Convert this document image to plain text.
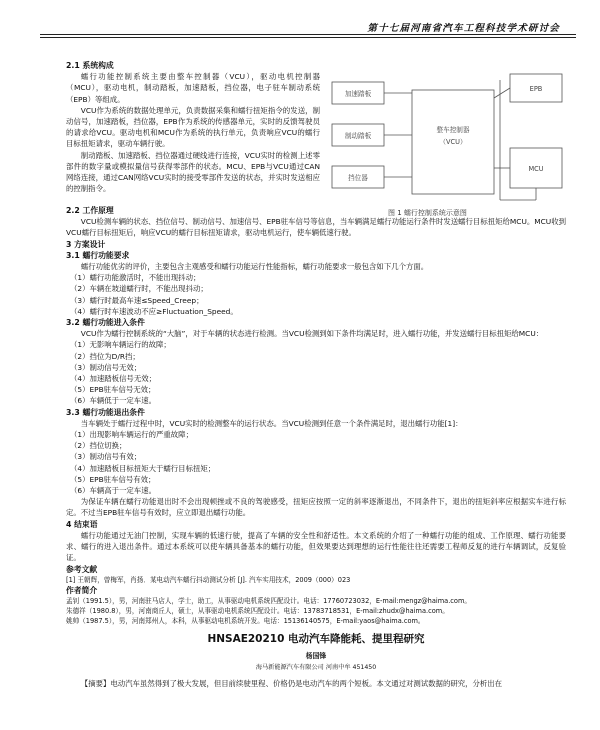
第十七届河南省汽车工程科技学术研讨会

2.1 系统构成

蠕行功能控制系统主要由整车控制器（VCU），驱动电机控制器（MCU），驱动电机，制动踏板，加速踏板，挡位器，电子驻车制动系统（EPB）等组成。

VCU作为系统的数据处理单元，负责数据采集和蠕行扭矩指令的发送，制动信号，加速踏板，挡位器，EPB作为系统的传感器单元，实时的反馈驾驶员的请求给VCU。驱动电机和MCU作为系统的执行单元，负责响应VCU的蠕行目标扭矩请求，驱动车辆行驶。

制动踏板、加速踏板、挡位器通过硬线进行连接，VCU实时的检测上述零部件的数字量或模拟量信号获得零部件的状态。MCU、EPB与VCU通过CAN网络连接，通过CAN网络VCU实时的接受零部件发送的状态，并实时发送相应的控制指令。

加速踏板
制动踏板
挡位器
整车控制器
（VCU）
EPB
MCU
图 1 蠕行控制系统示意图

2.2 工作原理

VCU检测车辆的状态、挡位信号、制动信号、加速信号、EPB驻车信号等信息，当车辆满足蠕行功能运行条件时发送蠕行目标扭矩给MCU。MCU收到VCU蠕行目标扭矩后，响应VCU的蠕行目标扭矩请求，驱动电机运行，使车辆低速行驶。

3 方案设计

3.1 蠕行功能要求

蠕行功能优劣的评价，主要包含主观感受和蠕行功能运行性能指标，蠕行功能要求一般包含如下几个方面。

（1）蠕行功能激活时，不能出现抖动；

（2）车辆在坡道蠕行时，不能出现抖动；

（3）蠕行时最高车速≤Speed_Creep；

（4）蠕行时车速波动不应≥Fluctuation_Speed。

3.2 蠕行功能进入条件

VCU作为蠕行控制系统的“大脑”，对于车辆的状态进行检测。当VCU检测到如下条件均满足时，进入蠕行功能，并发送蠕行目标扭矩给MCU：

（1）无影响车辆运行的故障；

（2）挡位为D/R挡；

（3）制动信号无效；

（4）加速踏板信号无效；

（5）EPB驻车信号无效；

（6）车辆低于一定车速。

3.3 蠕行功能退出条件

当车辆处于蠕行过程中时，VCU实时的检测整车的运行状态。当VCU检测到任意一个条件满足时，退出蠕行功能[1]：

（1）出现影响车辆运行的严重故障；

（2）挡位切换；

（3）制动信号有效；

（4）加速踏板目标扭矩大于蠕行目标扭矩；

（5）EPB驻车信号有效；

（6）车辆高于一定车速。

为保证车辆在蠕行功能退出时不会出现顿挫或不良的驾驶感受，扭矩应按照一定的斜率逐渐退出，不同条件下，退出的扭矩斜率应根据实车进行标定。不过当EPB驻车信号有效时，应立即退出蠕行功能。

4 结束语

蠕行功能通过无油门控制，实现车辆的低速行驶，提高了车辆的安全性和舒适性。本文系统的介绍了一种蠕行功能的组成、工作原理、蠕行功能要求、蠕行的进入退出条件。通过本系统可以使车辆具备基本的蠕行功能，但效果要达到理想的运行性能往往还需要工程师反复的进行车辆调试，反复验证。

参考文献

[1] 王朝辉，曾梅军，肖扬．某电动汽车蠕行抖动测试分析 [J]. 汽车实用技术，2009（000）023

作者简介

孟钊（1991.5），男，河南驻马店人，学士，助工，从事驱动电机系统匹配设计。电话：17760723032，E-mail:mengz@haima.com。

朱德祥（1980.8），男，河南商丘人，硕士，从事驱动电机系统匹配设计。电话：13783718531，E-mail:zhudx@haima.com。

姚帅（1987.5），男，河南郑州人，本科，从事驱动电机系统开发。电话：15136140575，E-mail:yaos@haima.com。

HNSAE20210 电动汽车降能耗、提里程研究

杨国锋

海马新能源汽车有限公司 河南中牟 451450

【摘要】电动汽车虽然得到了极大发展，但目前续驶里程、价格仍是电动汽车的两个短板。本文通过对测试数据的研究，分析出在
